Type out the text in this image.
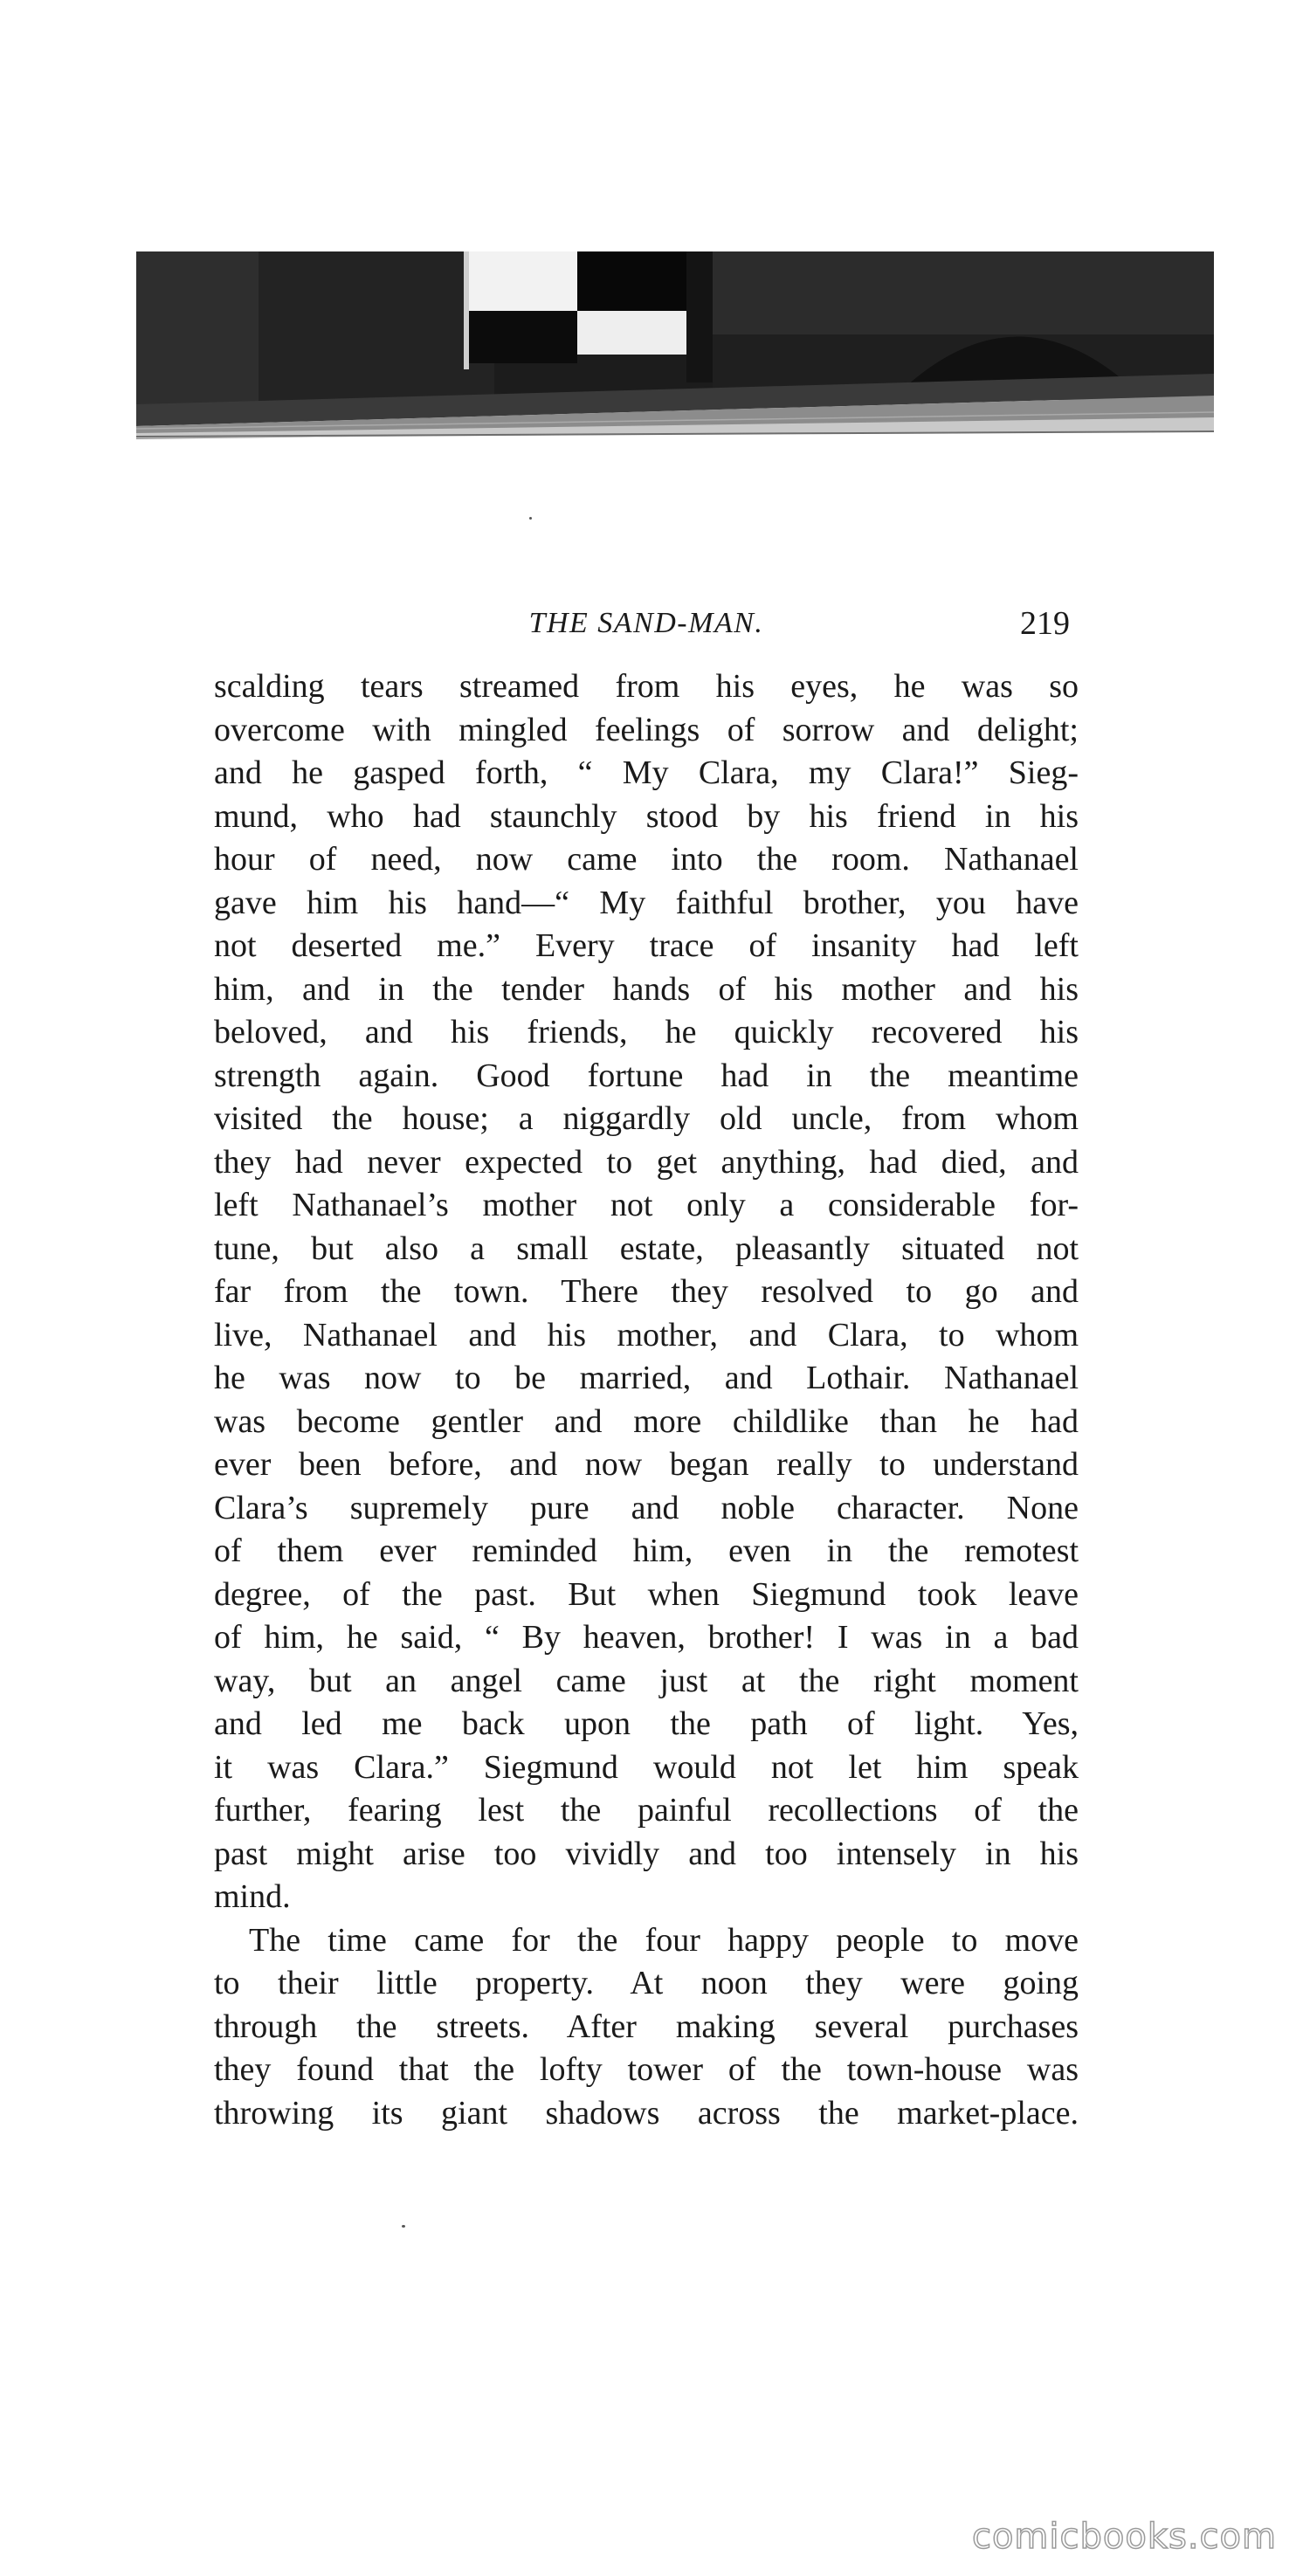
THE SAND-MAN.	219
scalding tears streamed from his eyes, he was so
overcome with mingled feelings of sorrow and delight;
and he gasped forth, “ My Clara, my Clara!” Sieg-
mund, who had staunchly stood by his friend in his
hour of need, now came into the room. Nathanael
gave him his hand—“ My faithful brother, you have
not deserted me.” Every trace of insanity had left
him, and in the tender hands of his mother and his
beloved, and his friends, he quickly recovered his
strength again. Good fortune had in the meantime
visited the house; a niggardly old uncle, from whom
they had never expected to get anything, had died, and
left Nathanael’s mother not only a considerable for-
tune, but also a small estate, pleasantly situated not
far from the town. There they resolved to go and
live, Nathanael and his mother, and Clara, to whom
he was now to be married, and Lothair. Nathanael
was become gentler and more childlike than he had
ever been before, and now began really to understand
Clara’s supremely pure and noble character. None
of them ever reminded him, even in the remotest
degree, of the past. But when Siegmund took leave
of him, he said, “ By heaven, brother! I was in a bad
way, but an angel came just at the right moment
and led me back upon the path of light. Yes,
it was Clara.” Siegmund would not let him speak
further, fearing lest the painful recollections of the
past might arise too vividly and too intensely in his
mind.
The time came for the four happy people to move
to their little property. At noon they were going
through the streets. After making several purchases
they found that the lofty tower of the town-house was
throwing its giant shadows across the market-place.
comicbooks.com
